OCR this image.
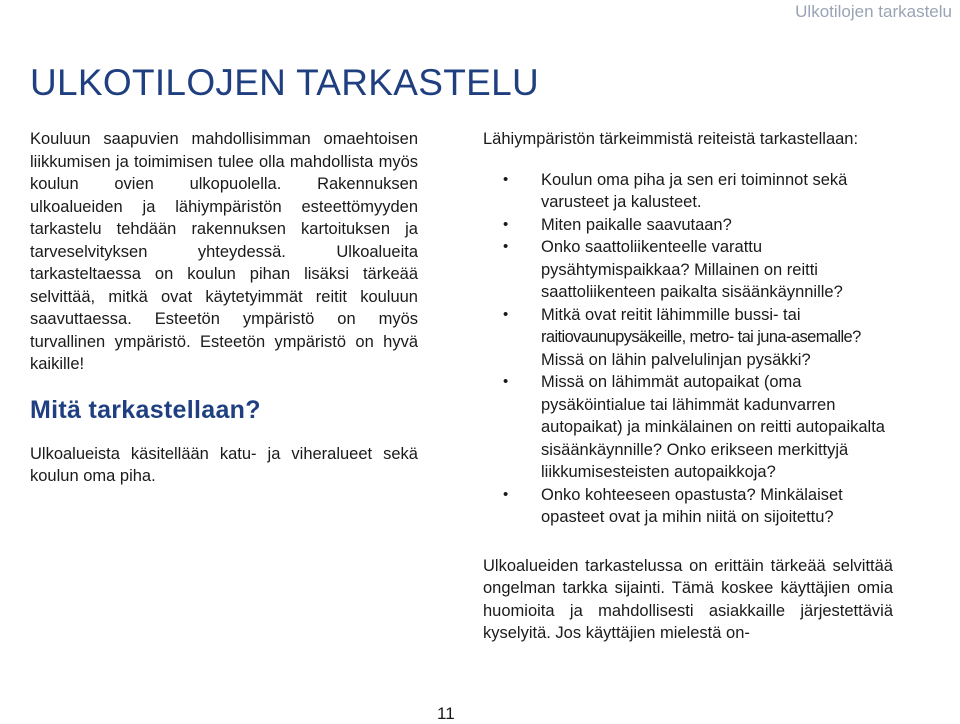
Ulkotilojen tarkastelu
ULKOTILOJEN TARKASTELU

Kouluun saapuvien mahdollisimman omaehtoisen liikkumisen ja toimimisen tulee olla mahdollista myös koulun ovien ulkopuolella. Rakennuksen ulkoalueiden ja lähiympäristön esteettömyyden tarkastelu tehdään rakennuksen kartoituksen ja tarveselvityksen yhteydessä. Ulkoalueita tarkasteltaessa on koulun pihan lisäksi tärkeää selvittää, mitkä ovat käytetyimmät reitit kouluun saavuttaessa. Esteetön ympäristö on myös turvallinen ympäristö. Esteetön ympäristö on hyvä kaikille!

Mitä tarkastellaan?

Ulkoalueista käsitellään katu- ja viheralueet sekä koulun oma piha.

Lähiympäristön tärkeimmistä reiteistä tarkastellaan:

• Koulun oma piha ja sen eri toiminnot sekä varusteet ja kalusteet.
• Miten paikalle saavutaan?
• Onko saattoliikenteelle varattu pysähtymispaikkaa? Millainen on reitti saattoliikenteen paikalta sisäänkäynnille?
• Mitkä ovat reitit lähimmille bussi- tai raitiovaunupysäkeille, metro- tai juna-asemalle? Missä on lähin palvelulinjan pysäkki?
• Missä on lähimmät autopaikat (oma pysäköintialue tai lähimmät kadunvarren autopaikat) ja minkälainen on reitti autopaikalta sisäänkäynnille? Onko erikseen merkittyjä liikkumisesteisten autopaikkoja?
• Onko kohteeseen opastusta? Minkälaiset opasteet ovat ja mihin niitä on sijoitettu?

Ulkoalueiden tarkastelussa on erittäin tärkeää selvittää ongelman tarkka sijainti. Tämä koskee käyttäjien omia huomioita ja mahdollisesti asiakkaille järjestettäviä kyselyitä. Jos käyttäjien mielestä on-

11
